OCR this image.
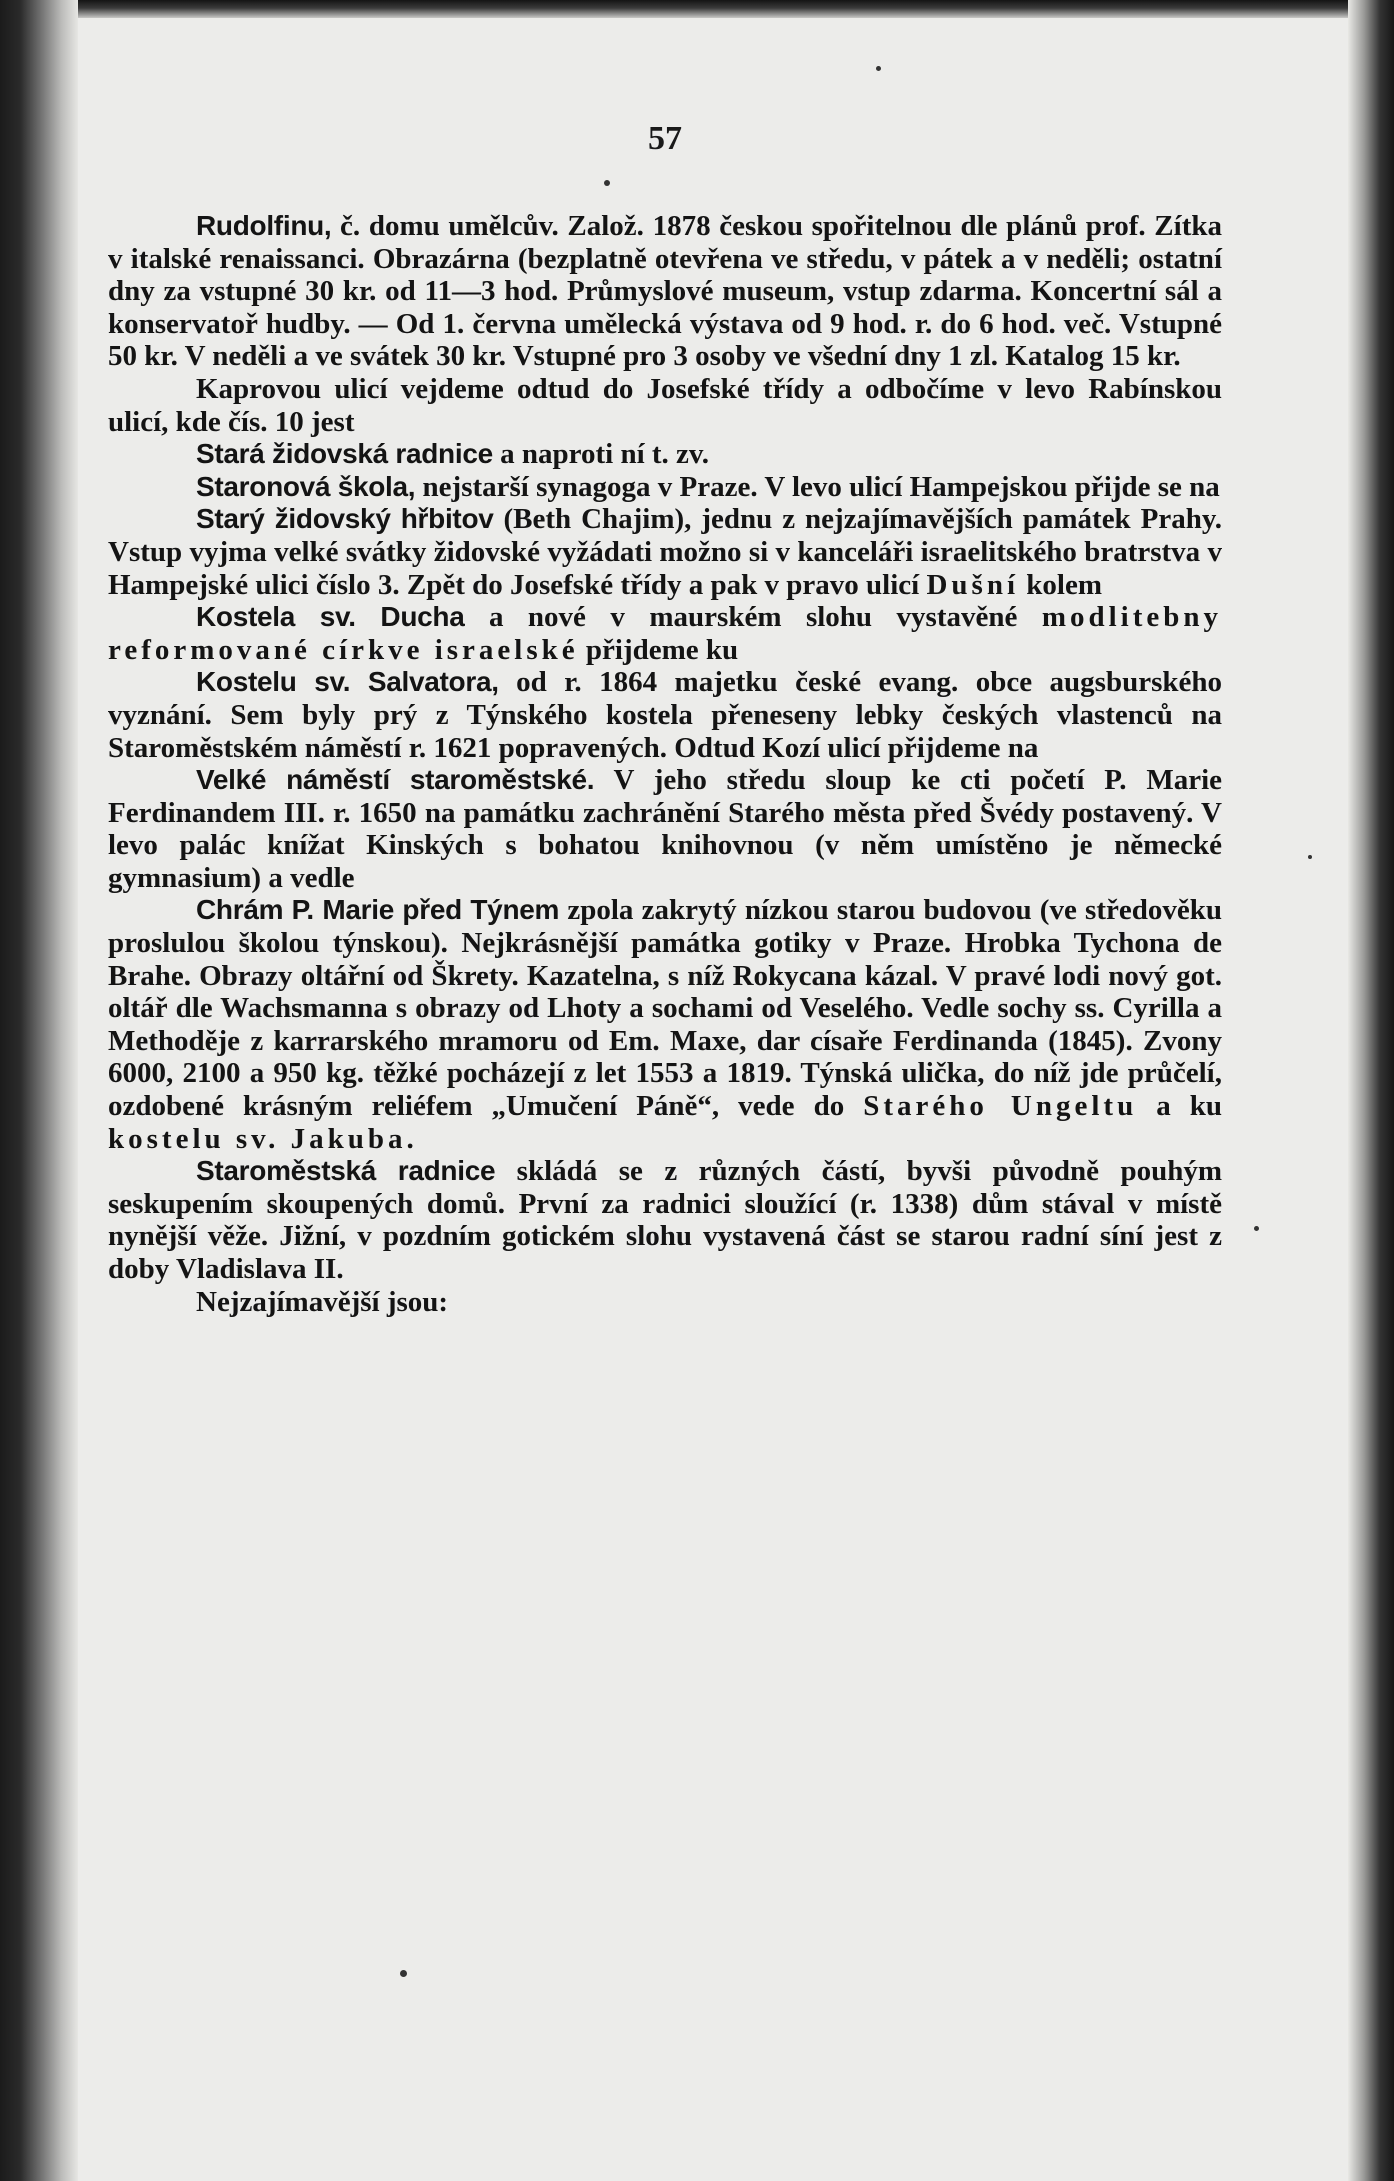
57

Rudolfinu, č. domu umělcův. Založ. 1878 českou spořitelnou dle plánů prof. Zítka v italské renaissanci. Obrazárna (bezplatně otevřena ve středu, v pátek a v neděli; ostatní dny za vstupné 30 kr. od 11—3 hod. Průmyslové museum, vstup zdarma. Koncertní sál a konservatoř hudby. — Od 1. června umělecká výstava od 9 hod. r. do 6 hod. več. Vstupné 50 kr. V neděli a ve svátek 30 kr. Vstupné pro 3 osoby ve všední dny 1 zl. Katalog 15 kr.

Kaprovou ulicí vejdeme odtud do Josefské třídy a odbočíme v levo Rabínskou ulicí, kde čís. 10 jest

Stará židovská radnice a naproti ní t. zv.

Staronová škola, nejstarší synagoga v Praze. V levo ulicí Hampejskou přijde se na

Starý židovský hřbitov (Beth Chajim), jednu z nejzajímavějších památek Prahy. Vstup vyjma velké svátky židovské vyžádati možno si v kanceláři israelitského bratrstva v Hampejské ulici číslo 3. Zpět do Josefské třídy a pak v pravo ulicí Dušní kolem

Kostela sv. Ducha a nové v maurském slohu vystavěné modlitebny reformované církve israelské přijdeme ku

Kostelu sv. Salvatora, od r. 1864 majetku české evang. obce augsburského vyznání. Sem byly prý z Týnského kostela přeneseny lebky českých vlastenců na Staroměstském náměstí r. 1621 popravených. Odtud Kozí ulicí přijdeme na

Velké náměstí staroměstské. V jeho středu sloup ke cti početí P. Marie Ferdinandem III. r. 1650 na památku zachránění Starého města před Švédy postavený. V levo palác knížat Kinských s bohatou knihovnou (v něm umístěno je německé gymnasium) a vedle

Chrám P. Marie před Týnem zpola zakrytý nízkou starou budovou (ve středověku proslulou školou týnskou). Nejkrásnější památka gotiky v Praze. Hrobka Tychona de Brahe. Obrazy oltářní od Škrety. Kazatelna, s níž Rokycana kázal. V pravé lodi nový got. oltář dle Wachsmanna s obrazy od Lhoty a sochami od Veselého. Vedle sochy ss. Cyrilla a Methoděje z karrarského mramoru od Em. Maxe, dar císaře Ferdinanda (1845). Zvony 6000, 2100 a 950 kg. těžké pocházejí z let 1553 a 1819. Týnská ulička, do níž jde průčelí, ozdobené krásným reliéfem „Umučení Páně“, vede do Starého Ungeltu a ku kostelu sv. Jakuba.

Staroměstská radnice skládá se z různých částí, byvši původně pouhým seskupením skoupených domů. První za radnici sloužící (r. 1338) dům stával v místě nynější věže. Jižní, v pozdním gotickém slohu vystavená část se starou radní síní jest z doby Vladislava II.

Nejzajímavější jsou:
